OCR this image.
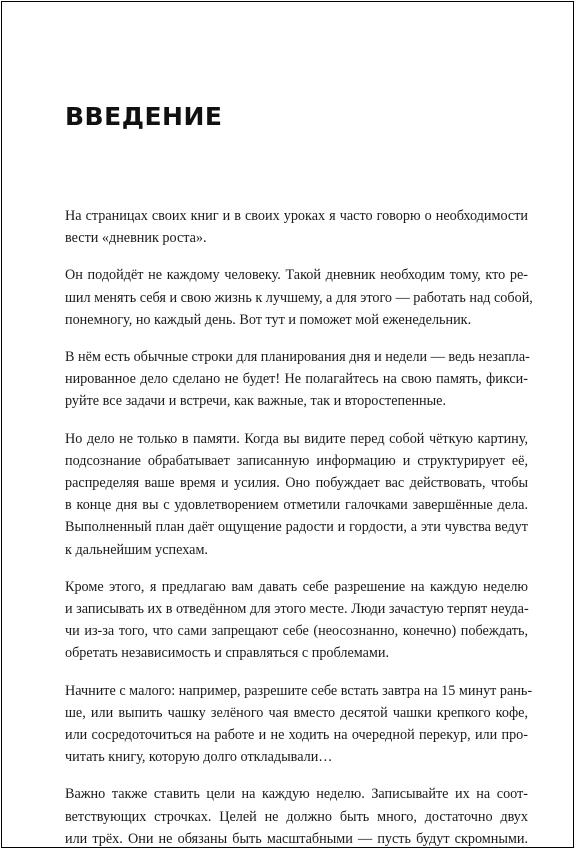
ВВЕДЕНИЕ

На страницах своих книг и в своих уроках я часто говорю о необходимости
вести «дневник роста».

Он подойдёт не каждому человеку. Такой дневник необходим тому, кто ре-
шил менять себя и свою жизнь к лучшему, а для этого — работать над собой,
понемногу, но каждый день. Вот тут и поможет мой еженедельник.

В нём есть обычные строки для планирования дня и недели — ведь незапла-
нированное дело сделано не будет! Не полагайтесь на свою память, фикси-
руйте все задачи и встречи, как важные, так и второстепенные.

Но дело не только в памяти. Когда вы видите перед собой чёткую картину,
подсознание обрабатывает записанную информацию и структурирует её,
распределяя ваше время и усилия. Оно побуждает вас действовать, чтобы
в конце дня вы с удовлетворением отметили галочками завершённые дела.
Выполненный план даёт ощущение радости и гордости, а эти чувства ведут
к дальнейшим успехам.

Кроме этого, я предлагаю вам давать себе разрешение на каждую неделю
и записывать их в отведённом для этого месте. Люди зачастую терпят неуда-
чи из-за того, что сами запрещают себе (неосознанно, конечно) побеждать,
обретать независимость и справляться с проблемами.

Начните с малого: например, разрешите себе встать завтра на 15 минут рань-
ше, или выпить чашку зелёного чая вместо десятой чашки крепкого кофе,
или сосредоточиться на работе и не ходить на очередной перекур, или про-
читать книгу, которую долго откладывали…

Важно также ставить цели на каждую неделю. Записывайте их на соот-
ветствующих строчках. Целей не должно быть много, достаточно двух
или трёх. Они не обязаны быть масштабными — пусть будут скромными.
